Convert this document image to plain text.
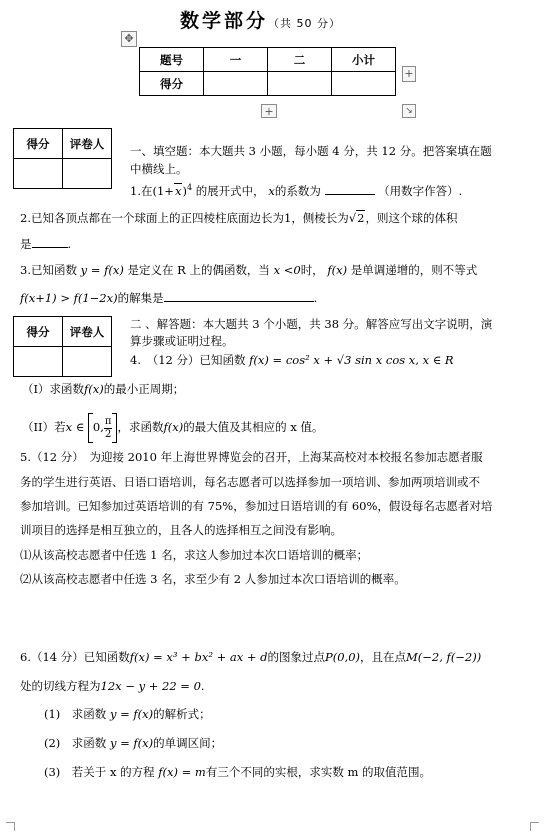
数学部分（共 50 分）
✥
题号	一	二	小计
得分			
+
+	↘
得分	评卷人

一、填空题：本大题共 3 小题，每小题 4 分，共 12 分。把答案填在题
中横线上。
1.在$(1+x)^4$ 的展开式中， x的系数为	（用数字作答）.
2.已知各顶点都在一个球面上的正四棱柱底面边长为1，侧棱长为√2，则这个球的体积
是	.
3.已知函数 y = f(x) 是定义在 R 上的偶函数，当 x <0时， f(x) 是单调递增的，则不等式
f(x+1) > f(1−2x)的解集是	.
得分	评卷人

二 、解答题：本大题共 3 个小题，共 38 分。解答应写出文字说明，演
算步骤或证明过程。
4.　（12 分）已知函数 f(x) = cos² x + √3 sin x cos x, x ∈ R
（I）求函数f(x)的最小正周期；
（II）若x ∈ 0, $\frac{\pi}{2}$ ，求函数f(x)的最大值及其相应的 x 值。
5.（12 分）　为迎接 2010 年上海世界博览会的召开，上海某高校对本校报名参加志愿者服
务的学生进行英语、日语口语培训，每名志愿者可以选择参加一项培训、参加两项培训或不
参加培训。已知参加过英语培训的有 75%，参加过日语培训的有 60%，假设每名志愿者对培
训项目的选择是相互独立的，且各人的选择相互之间没有影响。
⑴从该高校志愿者中任选 1 名，求这人参加过本次口语培训的概率；
⑵从该高校志愿者中任选 3 名，求至少有 2 人参加过本次口语培训的概率。
6.（14 分）已知函数f(x) = x³ + bx² + ax + d的图象过点P(0,0)，且在点M(−2, f(−2))
处的切线方程为12x − y + 22 = 0.
(1)　求函数 y = f(x)的解析式；
(2)　求函数 y = f(x)的单调区间；
(3)　若关于 x 的方程 f(x) = m有三个不同的实根，求实数 m 的取值范围。
